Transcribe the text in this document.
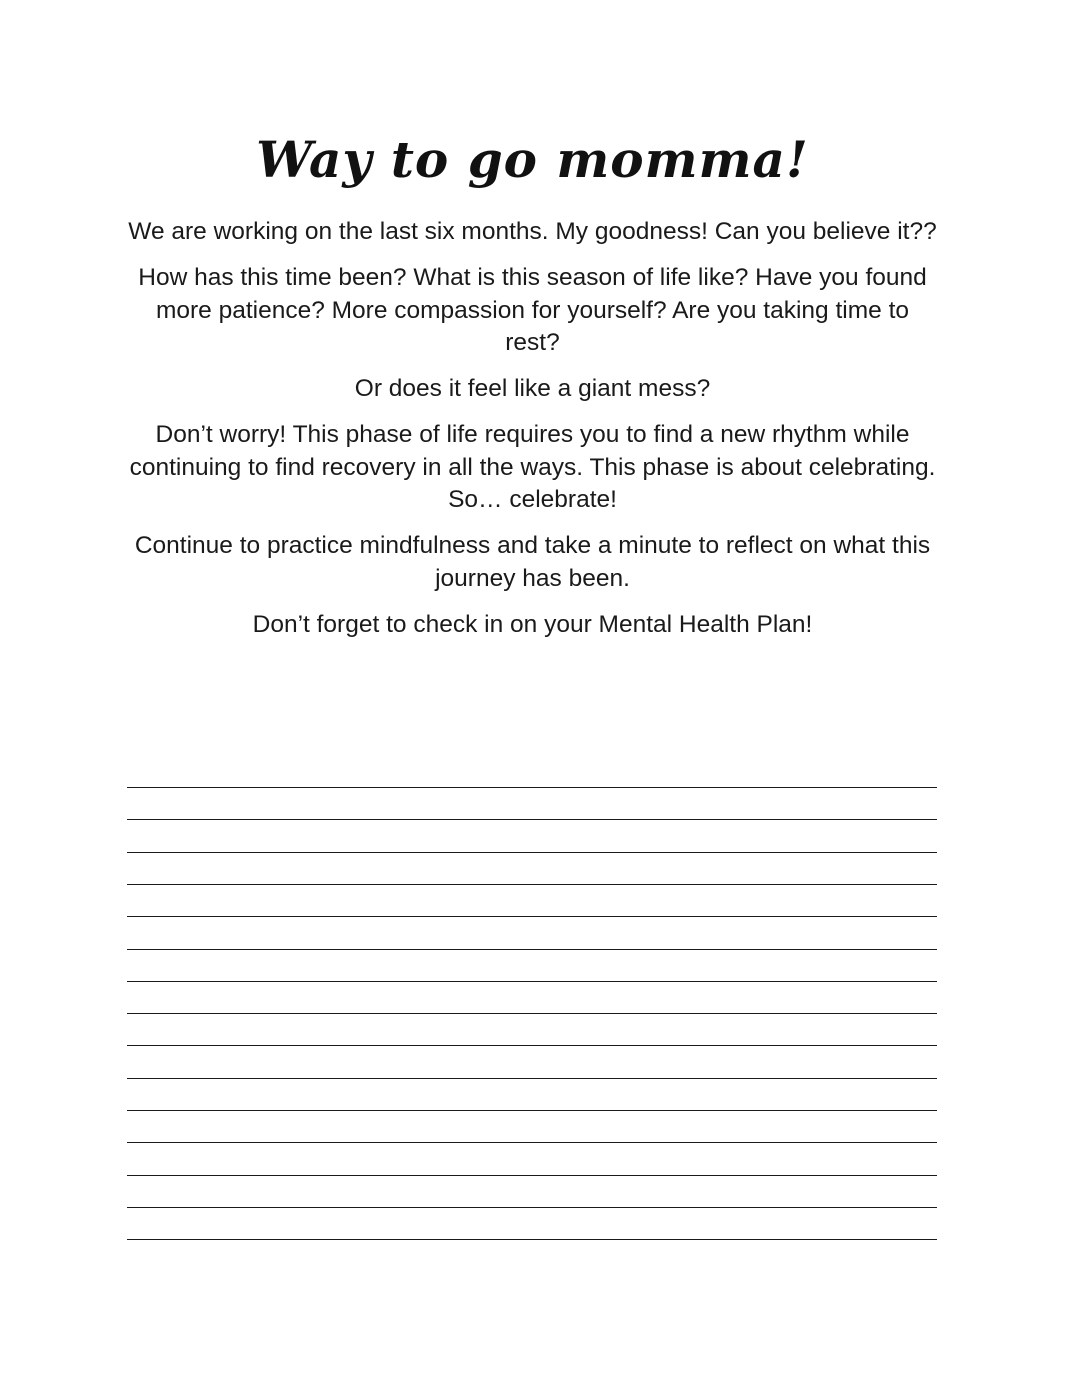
Way to go momma!

We are working on the last six months. My goodness! Can you believe it??

How has this time been? What is this season of life like? Have you found more patience? More compassion for yourself? Are you taking time to rest?

Or does it feel like a giant mess?

Don’t worry! This phase of life requires you to find a new rhythm while continuing to find recovery in all the ways. This phase is about celebrating. So… celebrate!

Continue to practice mindfulness and take a minute to reflect on what this journey has been.

Don’t forget to check in on your Mental Health Plan!
